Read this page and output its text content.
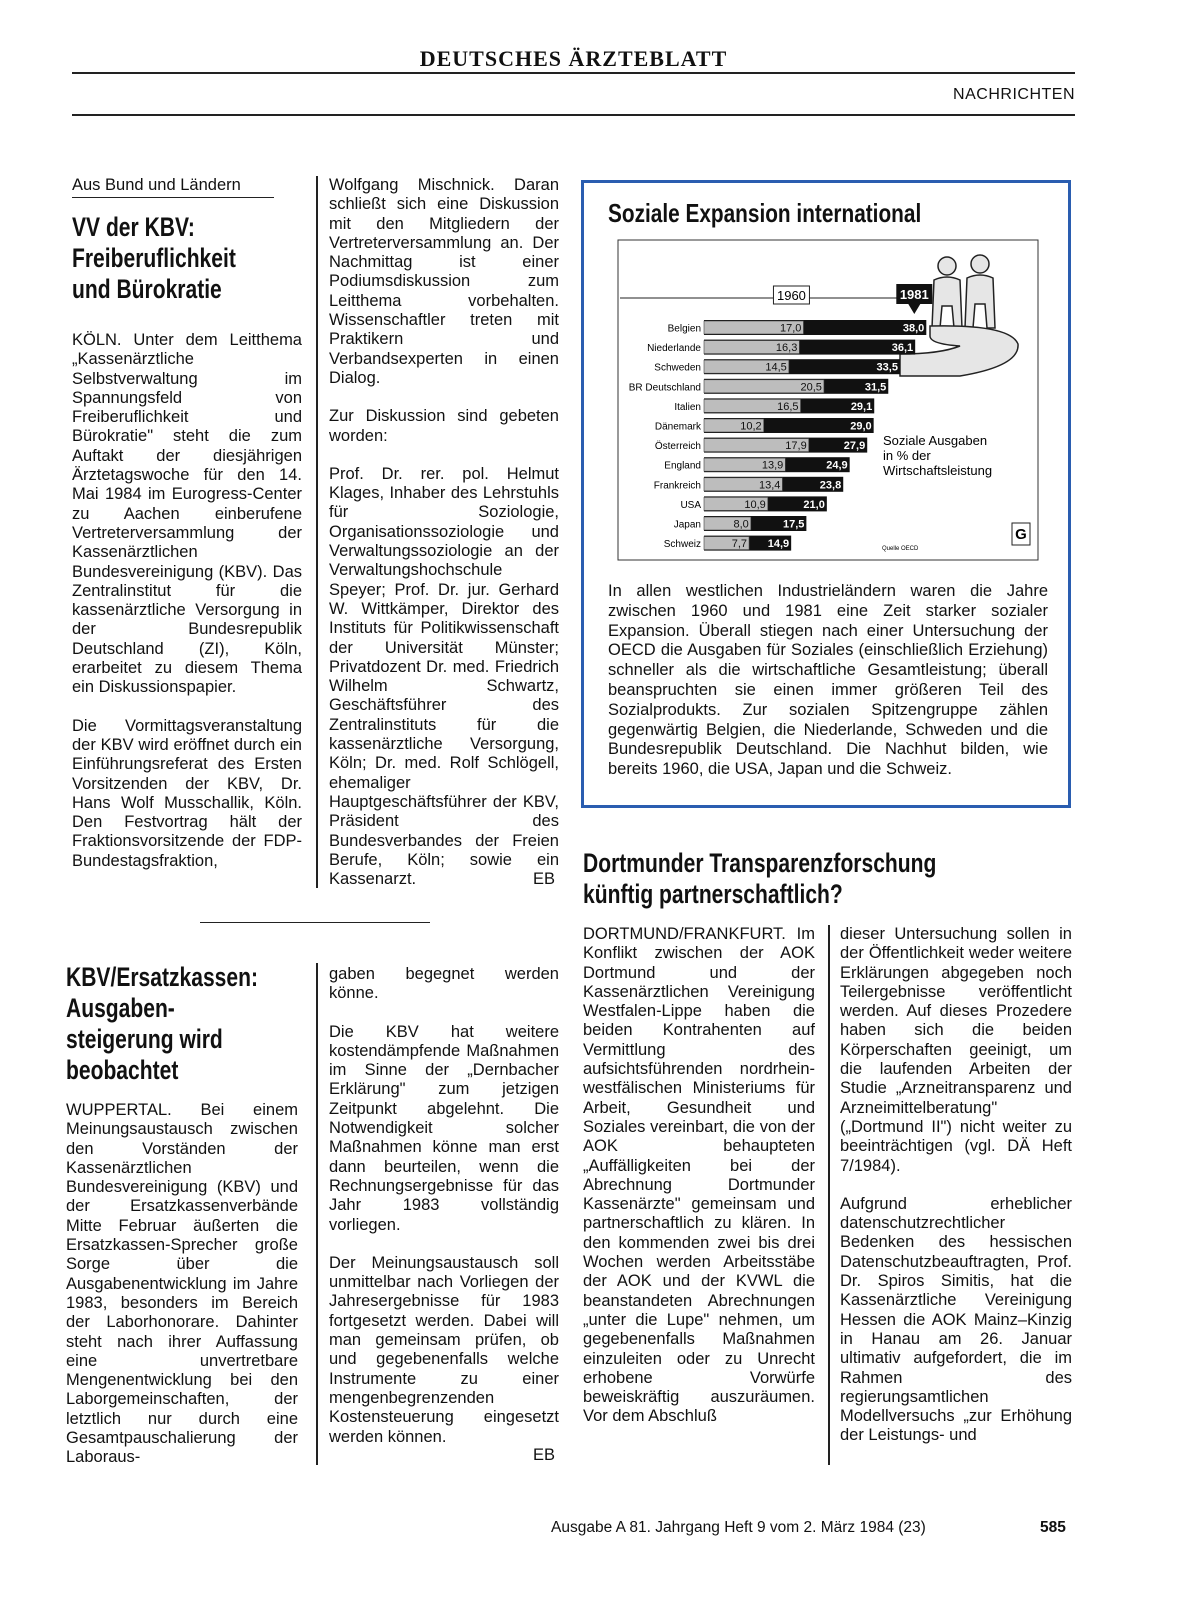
DEUTSCHES ÄRZTEBLATT
NACHRICHTEN
Aus Bund und Ländern
VV der KBV:
Freiberuflichkeit
und Bürokratie

KÖLN. Unter dem Leitthema „Kassenärztliche Selbstverwaltung im Spannungsfeld von Freiberuflichkeit und Bürokratie" steht die zum Auftakt der diesjährigen Ärztetagswoche für den 14. Mai 1984 im Eurogress-Center zu Aachen einberufene Vertreterversammlung der Kassenärztlichen Bundesvereinigung (KBV). Das Zentralinstitut für die kassenärztliche Versorgung in der Bundesrepublik Deutschland (ZI), Köln, erarbeitet zu diesem Thema ein Diskussionspapier.

Die Vormittagsveranstaltung der KBV wird eröffnet durch ein Einführungsreferat des Ersten Vorsitzenden der KBV, Dr. Hans Wolf Musschallik, Köln. Den Festvortrag hält der Fraktionsvorsitzende der FDP-Bundestagsfraktion,

Wolfgang Mischnick. Daran schließt sich eine Diskussion mit den Mitgliedern der Vertreterversammlung an. Der Nachmittag ist einer Podiumsdiskussion zum Leitthema vorbehalten. Wissenschaftler treten mit Praktikern und Verbandsexperten in einen Dialog.

Zur Diskussion sind gebeten worden:

Prof. Dr. rer. pol. Helmut Klages, Inhaber des Lehrstuhls für Soziologie, Organisationssoziologie und Verwaltungssoziologie an der Verwaltungshochschule Speyer; Prof. Dr. jur. Gerhard W. Wittkämper, Direktor des Instituts für Politikwissenschaft der Universität Münster; Privatdozent Dr. med. Friedrich Wilhelm Schwartz, Geschäftsführer des Zentralinstituts für die kassenärztliche Versorgung, Köln; Dr. med. Rolf Schlögell, ehemaliger Hauptgeschäftsführer der KBV, Präsident des Bundesverbandes der Freien Berufe, Köln; sowie ein Kassenarzt.	EB
Soziale Expansion international
1960	1981
Belgien	17,0	38,0
Niederlande	16,3	36,1
Schweden	14,5	33,5
BR Deutschland	20,5	31,5
Italien	16,5	29,1
Dänemark	10,2	29,0
Österreich	17,9	27,9
England	13,9	24,9
Frankreich	13,4	23,8
USA	10,9	21,0
Japan	8,0	17,5
Schweiz	7,7 14,9
Soziale Ausgaben
in % der
Wirtschaftsleistung
Quelle OECD
G
In allen westlichen Industrieländern waren die Jahre zwischen 1960 und 1981 eine Zeit starker sozialer Expansion. Überall stiegen nach einer Untersuchung der OECD die Ausgaben für Soziales (einschließlich Erziehung) schneller als die wirtschaftliche Gesamtleistung; überall beanspruchten sie einen immer größeren Teil des Sozialprodukts. Zur sozialen Spitzengruppe zählen gegenwärtig Belgien, die Niederlande, Schweden und die Bundesrepublik Deutschland. Die Nachhut bilden, wie bereits 1960, die USA, Japan und die Schweiz.
KBV/Ersatzkassen:
Ausgaben-
steigerung wird
beobachtet

WUPPERTAL. Bei einem Meinungsaustausch zwischen den Vorständen der Kassenärztlichen Bundesvereinigung (KBV) und der Ersatzkassenverbände Mitte Februar äußerten die Ersatzkassen-Sprecher große Sorge über die Ausgabenentwicklung im Jahre 1983, besonders im Bereich der Laborhonorare. Dahinter steht nach ihrer Auffassung eine unvertretbare Mengenentwicklung bei den Laborgemeinschaften, der letztlich nur durch eine Gesamtpauschalierung der Laboraus-

gaben begegnet werden könne.

Die KBV hat weitere kostendämpfende Maßnahmen im Sinne der „Dernbacher Erklärung" zum jetzigen Zeitpunkt abgelehnt. Die Notwendigkeit solcher Maßnahmen könne man erst dann beurteilen, wenn die Rechnungsergebnisse für das Jahr 1983 vollständig vorliegen.

Der Meinungsaustausch soll unmittelbar nach Vorliegen der Jahresergebnisse für 1983 fortgesetzt werden. Dabei will man gemeinsam prüfen, ob und gegebenenfalls welche Instrumente zu einer mengenbegrenzenden Kostensteuerung eingesetzt werden können.

EB
Dortmunder Transparenzforschung
künftig partnerschaftlich?

DORTMUND/FRANKFURT. Im Konflikt zwischen der AOK Dortmund und der Kassenärztlichen Vereinigung Westfalen-Lippe haben die beiden Kontrahenten auf Vermittlung des aufsichtsführenden nordrhein-westfälischen Ministeriums für Arbeit, Gesundheit und Soziales vereinbart, die von der AOK behaupteten „Auffälligkeiten bei der Abrechnung Dortmunder Kassenärzte" gemeinsam und partnerschaftlich zu klären. In den kommenden zwei bis drei Wochen werden Arbeitsstäbe der AOK und der KVWL die beanstandeten Abrechnungen „unter die Lupe" nehmen, um gegebenenfalls Maßnahmen einzuleiten oder zu Unrecht erhobene Vorwürfe beweiskräftig auszuräumen. Vor dem Abschluß

dieser Untersuchung sollen in der Öffentlichkeit weder weitere Erklärungen abgegeben noch Teilergebnisse veröffentlicht werden. Auf dieses Prozedere haben sich die beiden Körperschaften geeinigt, um die laufenden Arbeiten der Studie „Arzneitransparenz und Arzneimittelberatung" („Dortmund II") nicht weiter zu beeinträchtigen (vgl. DÄ Heft 7/1984).

Aufgrund erheblicher datenschutzrechtlicher Bedenken des hessischen Datenschutzbeauftragten, Prof. Dr. Spiros Simitis, hat die Kassenärztliche Vereinigung Hessen die AOK Mainz–Kinzig in Hanau am 26. Januar ultimativ aufgefordert, die im Rahmen des regierungsamtlichen Modellversuchs „zur Erhöhung der Leistungs- und

Ausgabe A 81. Jahrgang Heft 9 vom 2. März 1984 (23)	585
